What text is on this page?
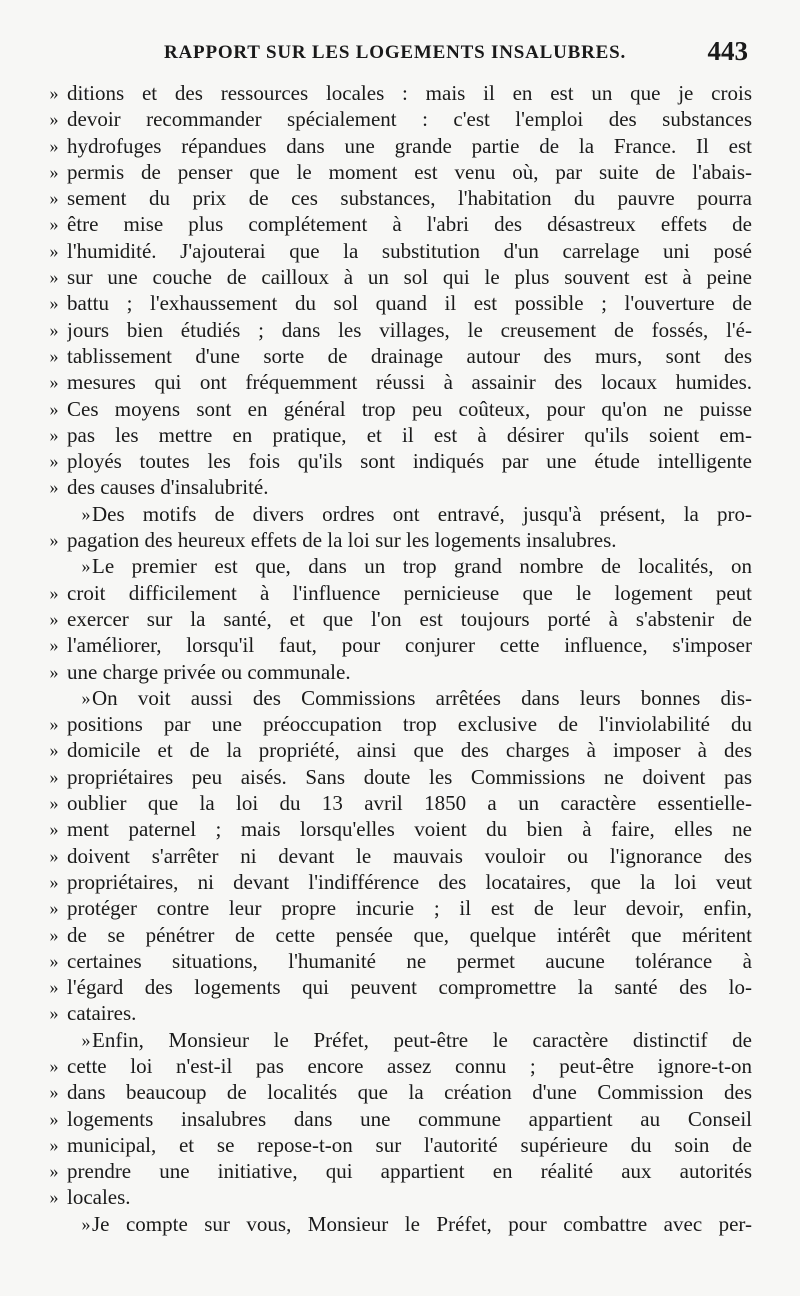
RAPPORT SUR LES LOGEMENTS INSALUBRES.	443
» ditions et des ressources locales : mais il en est un que je crois
» devoir recommander spécialement : c'est l'emploi des substances
» hydrofuges répandues dans une grande partie de la France. Il est
» permis de penser que le moment est venu où, par suite de l'abais-
» sement du prix de ces substances, l'habitation du pauvre pourra
» être mise plus complétement à l'abri des désastreux effets de
» l'humidité. J'ajouterai que la substitution d'un carrelage uni posé
» sur une couche de cailloux à un sol qui le plus souvent est à peine
» battu ; l'exhaussement du sol quand il est possible ; l'ouverture de
» jours bien étudiés ; dans les villages, le creusement de fossés, l'é-
» tablissement d'une sorte de drainage autour des murs, sont des
» mesures qui ont fréquemment réussi à assainir des locaux humides.
» Ces moyens sont en général trop peu coûteux, pour qu'on ne puisse
» pas les mettre en pratique, et il est à désirer qu'ils soient em-
» ployés toutes les fois qu'ils sont indiqués par une étude intelligente
» des causes d'insalubrité.
» Des motifs de divers ordres ont entravé, jusqu'à présent, la pro-
» pagation des heureux effets de la loi sur les logements insalubres.
» Le premier est que, dans un trop grand nombre de localités, on
» croit difficilement à l'influence pernicieuse que le logement peut
» exercer sur la santé, et que l'on est toujours porté à s'abstenir de
» l'améliorer, lorsqu'il faut, pour conjurer cette influence, s'imposer
» une charge privée ou communale.
» On voit aussi des Commissions arrêtées dans leurs bonnes dis-
» positions par une préoccupation trop exclusive de l'inviolabilité du
» domicile et de la propriété, ainsi que des charges à imposer à des
» propriétaires peu aisés. Sans doute les Commissions ne doivent pas
» oublier que la loi du 13 avril 1850 a un caractère essentielle-
» ment paternel ; mais lorsqu'elles voient du bien à faire, elles ne
» doivent s'arrêter ni devant le mauvais vouloir ou l'ignorance des
» propriétaires, ni devant l'indifférence des locataires, que la loi veut
» protéger contre leur propre incurie ; il est de leur devoir, enfin,
» de se pénétrer de cette pensée que, quelque intérêt que méritent
» certaines situations, l'humanité ne permet aucune tolérance à
» l'égard des logements qui peuvent compromettre la santé des lo-
» cataires.
» Enfin, Monsieur le Préfet, peut-être le caractère distinctif de
» cette loi n'est-il pas encore assez connu ; peut-être ignore-t-on
» dans beaucoup de localités que la création d'une Commission des
» logements insalubres dans une commune appartient au Conseil
» municipal, et se repose-t-on sur l'autorité supérieure du soin de
» prendre une initiative, qui appartient en réalité aux autorités
» locales.
» Je compte sur vous, Monsieur le Préfet, pour combattre avec per-
